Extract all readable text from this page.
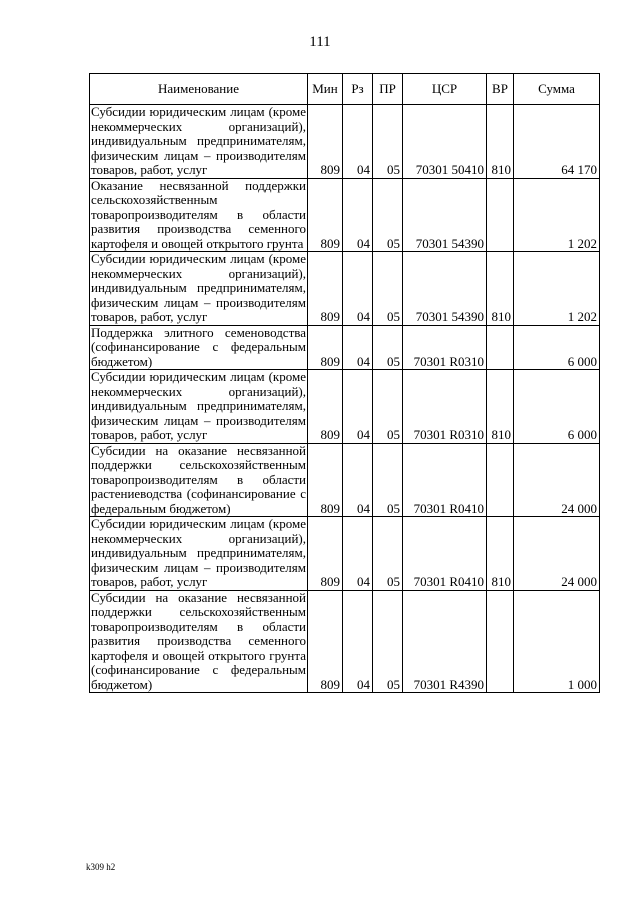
111
Наименование	Мин	Рз	ПР	ЦСР	ВР	Сумма
Субсидии юридическим лицам (кроме некоммерческих организаций), индивидуальным предпринимателям, физическим лицам – производителям товаров, работ, услуг	809	04	05	70301 50410	810	64 170
Оказание несвязанной поддержки сельскохозяйственным товаропроизводителям в области развития производства семенного картофеля и овощей открытого грунта	809	04	05	70301 54390		1 202
Субсидии юридическим лицам (кроме некоммерческих организаций), индивидуальным предпринимателям, физическим лицам – производителям товаров, работ, услуг	809	04	05	70301 54390	810	1 202
Поддержка элитного семеноводства (софинансирование с федеральным бюджетом)	809	04	05	70301 R0310		6 000
Субсидии юридическим лицам (кроме некоммерческих организаций), индивидуальным предпринимателям, физическим лицам – производителям товаров, работ, услуг	809	04	05	70301 R0310	810	6 000
Субсидии на оказание несвязанной поддержки сельскохозяйственным товаропроизводителям в области растениеводства (софинансирование с федеральным бюджетом)	809	04	05	70301 R0410		24 000
Субсидии юридическим лицам (кроме некоммерческих организаций), индивидуальным предпринимателям, физическим лицам – производителям товаров, работ, услуг	809	04	05	70301 R0410	810	24 000
Субсидии на оказание несвязанной поддержки сельскохозяйственным товаропроизводителям в области развития производства семенного картофеля и овощей открытого грунта (софинансирование с федеральным бюджетом)	809	04	05	70301 R4390		1 000
k309 h2
